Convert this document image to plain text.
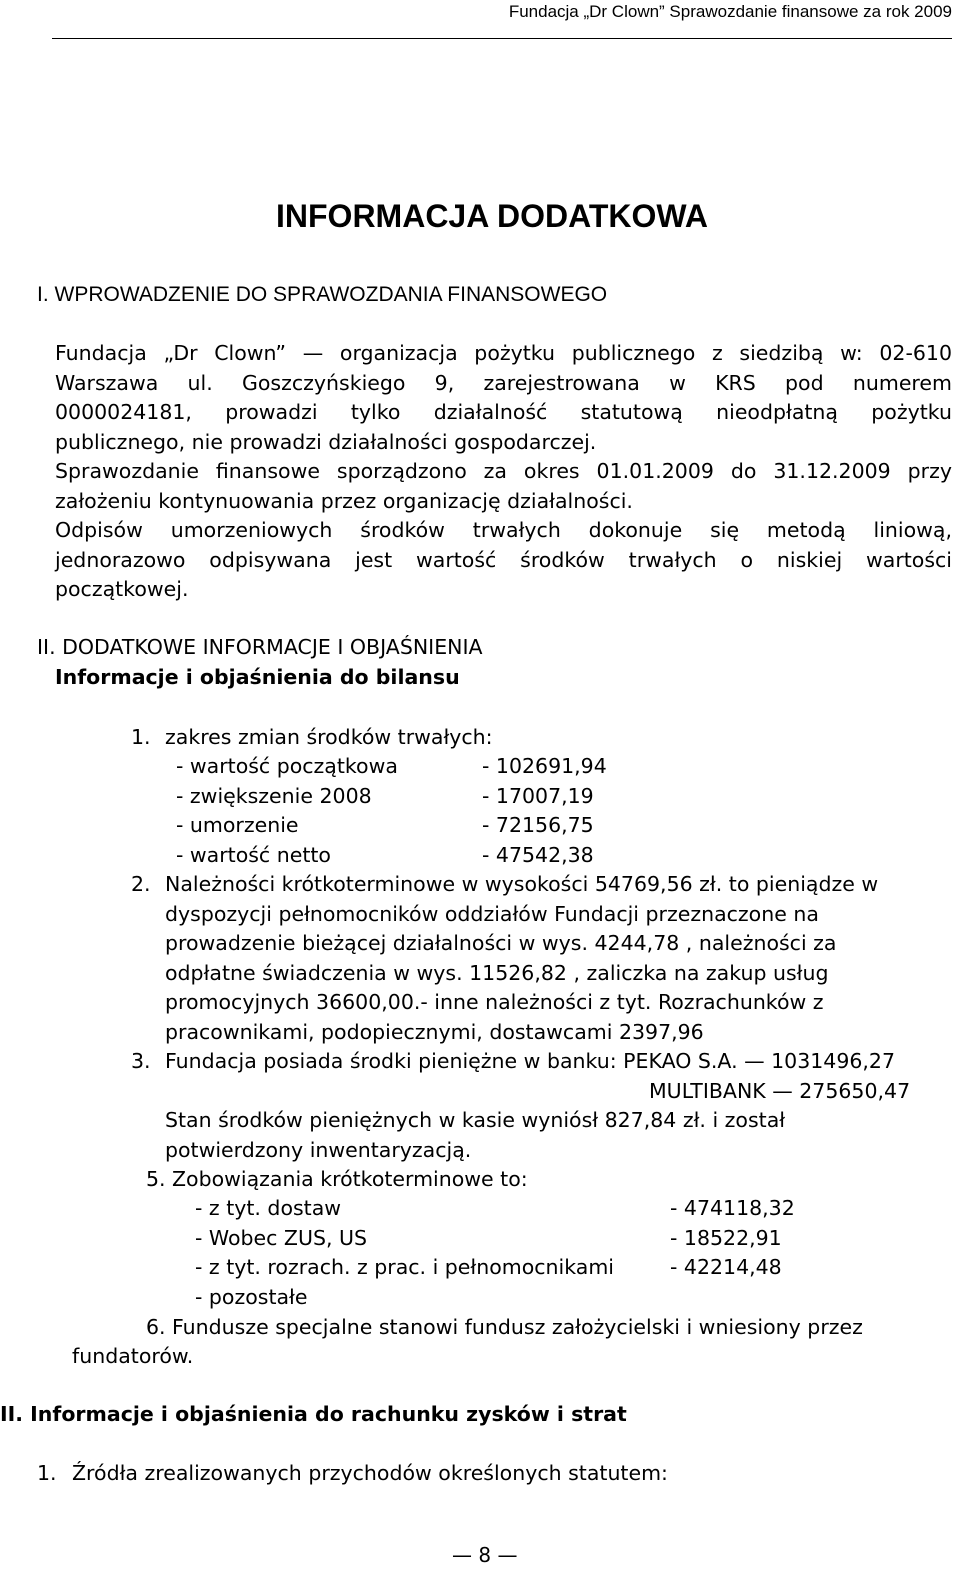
Fundacja „Dr Clown” Sprawozdanie finansowe za rok 2009
INFORMACJA DODATKOWA
I. WPROWADZENIE DO SPRAWOZDANIA FINANSOWEGO
Fundacja „Dr Clown” — organizacja pożytku publicznego z siedzibą w: 02-610
Warszawa ul. Goszczyńskiego 9, zarejestrowana w KRS pod numerem
0000024181, prowadzi tylko działalność statutową nieodpłatną pożytku
publicznego, nie prowadzi działalności gospodarczej.
Sprawozdanie finansowe sporządzono za okres 01.01.2009 do 31.12.2009 przy
założeniu kontynuowania przez organizację działalności.
Odpisów umorzeniowych środków trwałych dokonuje się metodą liniową,
jednorazowo odpisywana jest wartość środków trwałych o niskiej wartości
początkowej.
II. DODATKOWE INFORMACJE I OBJAŚNIENIA
Informacje i objaśnienia do bilansu
1. zakres zmian środków trwałych:
- wartość początkowa	- 102691,94
- zwiększenie 2008	- 17007,19
- umorzenie	- 72156,75
- wartość netto	- 47542,38
2. Należności krótkoterminowe w wysokości 54769,56 zł. to pieniądze w
dyspozycji pełnomocników oddziałów Fundacji przeznaczone na
prowadzenie bieżącej działalności w wys. 4244,78 , należności za
odpłatne świadczenia w wys. 11526,82 , zaliczka na zakup usług
promocyjnych 36600,00.- inne należności z tyt. Rozrachunków z
pracownikami, podopiecznymi, dostawcami 2397,96
3. Fundacja posiada środki pieniężne w banku: PEKAO S.A. — 1031496,27
MULTIBANK — 275650,47
Stan środków pieniężnych w kasie wyniósł 827,84 zł. i został
potwierdzony inwentaryzacją.
5. Zobowiązania krótkoterminowe to:
- z tyt. dostaw	- 474118,32
- Wobec ZUS, US	- 18522,91
- z tyt. rozrach. z prac. i pełnomocnikami	- 42214,48
- pozostałe
6. Fundusze specjalne stanowi fundusz założycielski i wniesiony przez
fundatorów.
II. Informacje i objaśnienia do rachunku zysków i strat
1. Źródła zrealizowanych przychodów określonych statutem:
— 8 —
